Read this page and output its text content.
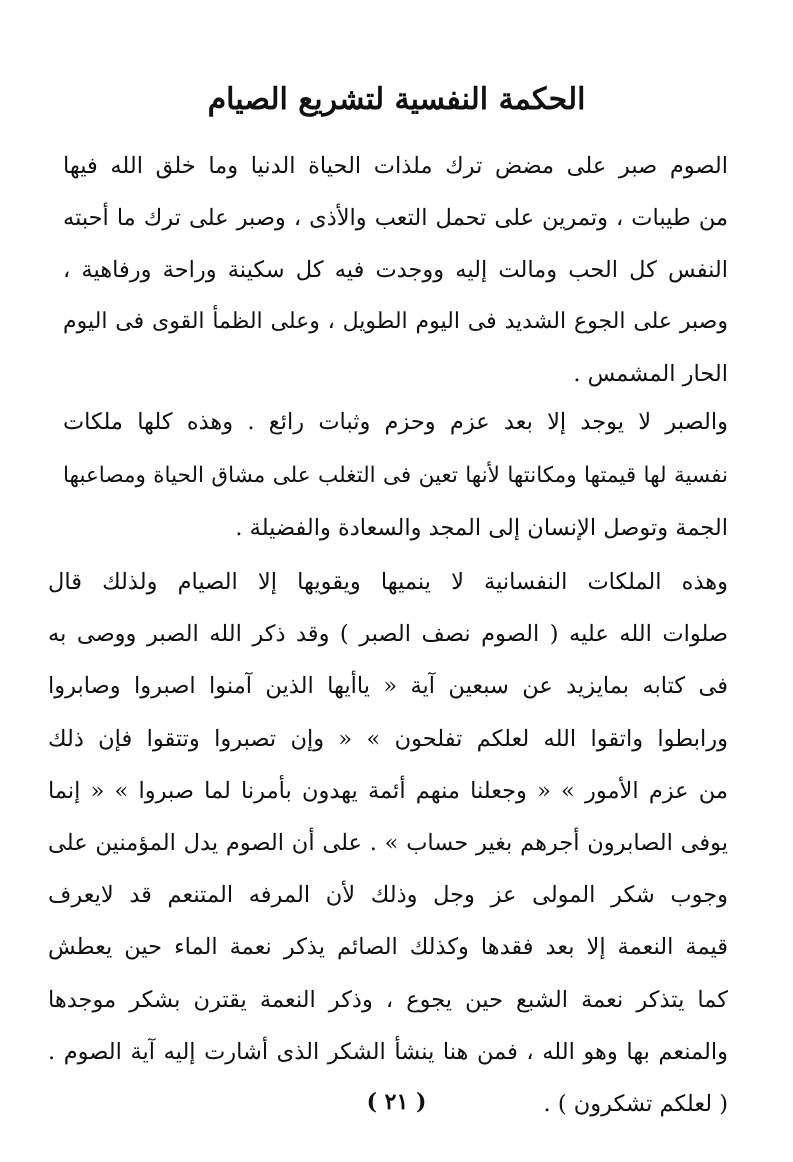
الحكمة النفسية لتشريع الصيام
الصوم صبر على مضض ترك ملذات الحياة الدنيا وما خلق الله فيها
من طيبات ، وتمرين على تحمل التعب والأذى ، وصبر على ترك ما أحبته
النفس كل الحب ومالت إليه ووجدت فيه كل سكينة وراحة ورفاهية ،
وصبر على الجوع الشديد فى اليوم الطويل ، وعلى الظمأ القوى فى اليوم
الحار المشمس .
والصبر لا يوجد إلا بعد عزم وحزم وثبات رائع . وهذه كلها ملكات
نفسية لها قيمتها ومكانتها لأنها تعين فى التغلب على مشاق الحياة ومصاعبها
الجمة وتوصل الإنسان إلى المجد والسعادة والفضيلة .
وهذه الملكات النفسانية لا ينميها ويقويها إلا الصيام ولذلك قال
صلوات الله عليه ( الصوم نصف الصبر ) وقد ذكر الله الصبر ووصى به
فى كتابه بمايزيد عن سبعين آية « ياأيها الذين آمنوا اصبروا وصابروا
ورابطوا واتقوا الله لعلكم تفلحون » « وإن تصبروا وتتقوا فإن ذلك
من عزم الأمور » « وجعلنا منهم أئمة يهدون بأمرنا لما صبروا » « إنما
يوفى الصابرون أجرهم بغير حساب » . على أن الصوم يدل المؤمنين على
وجوب شكر المولى عز وجل وذلك لأن المرفه المتنعم قد لايعرف
قيمة النعمة إلا بعد فقدها وكذلك الصائم يذكر نعمة الماء حين يعطش
كما يتذكر نعمة الشبع حين يجوع ، وذكر النعمة يقترن بشكر موجدها
والمنعم بها وهو الله ، فمن هنا ينشأ الشكر الذى أشارت إليه آية الصوم .
( لعلكم تشكرون ) .
( ٢١ )
